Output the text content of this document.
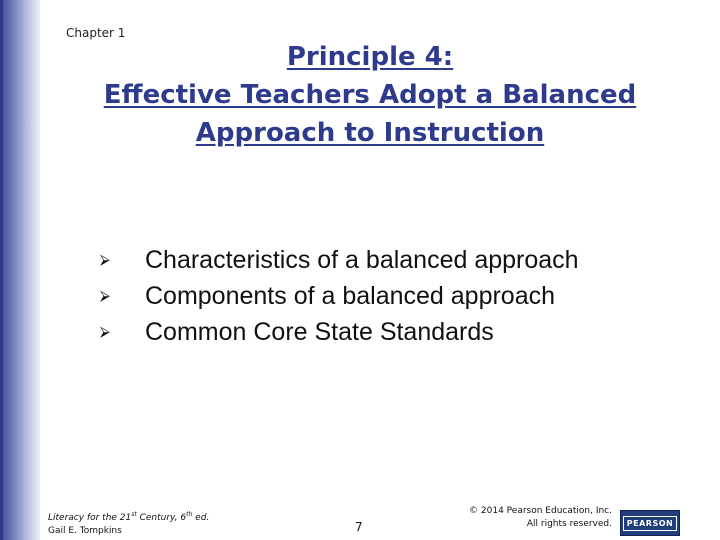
Chapter 1
Principle 4:
Effective Teachers Adopt a Balanced
Approach to Instruction
⮚	Characteristics of a balanced approach
⮚	Components of a balanced approach
⮚	Common Core State Standards
Literacy for the 21st Century, 6th ed.
Gail E. Tompkins	7
© 2014 Pearson Education, Inc.
All rights reserved.	PEARSON
